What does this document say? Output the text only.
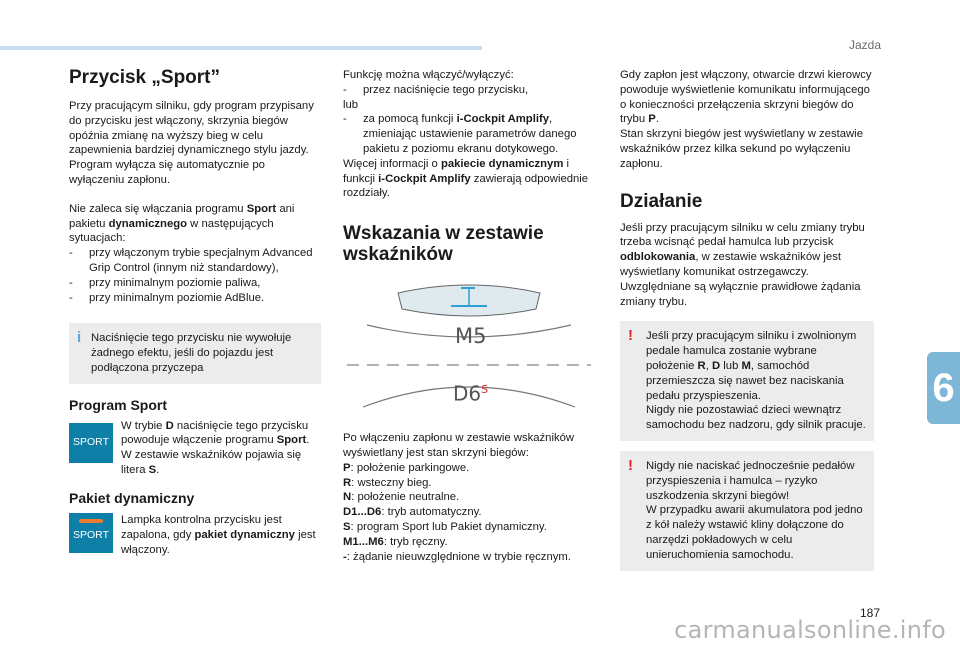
Jazda
6
187
carmanualsonline.info
Przycisk „Sport”

Przy pracującym silniku, gdy program przypisany do przycisku jest włączony, skrzynia biegów opóźnia zmianę na wyższy bieg w celu zapewnienia bardziej dynamicznego stylu jazdy. Program wyłącza się automatycznie po wyłączeniu zapłonu.

Nie zaleca się włączania programu Sport ani pakietu dynamicznego w następujących sytuacjach:

- przy włączonym trybie specjalnym Advanced Grip Control (innym niż standardowy),
- przy minimalnym poziomie paliwa,
- przy minimalnym poziomie AdBlue.
i Naciśnięcie tego przycisku nie wywołuje żadnego efektu, jeśli do pojazdu jest podłączona przyczepa

Program Sport
SPORT

W trybie D naciśnięcie tego przycisku powoduje włączenie programu Sport. W zestawie wskaźników pojawia się litera S.

Pakiet dynamiczny
SPORT

Lampka kontrolna przycisku jest zapalona, gdy pakiet dynamiczny jest włączony.

Funkcję można włączyć/wyłączyć:

- przez naciśnięcie tego przycisku,

lub

- za pomocą funkcji i-Cockpit Amplify, zmieniając ustawienie parametrów danego pakietu z poziomu ekranu dotykowego.

Więcej informacji o pakiecie dynamicznym i funkcji i-Cockpit Amplify zawierają odpowiednie rozdziały.

Wskazania w zestawie
wskaźników
M5
$D6^S$

Po włączeniu zapłonu w zestawie wskaźników wyświetlany jest stan skrzyni biegów:

P: położenie parkingowe.

R: wsteczny bieg.

N: położenie neutralne.

D1...D6: tryb automatyczny.

S: program Sport lub Pakiet dynamiczny.

M1...M6: tryb ręczny.

-: żądanie nieuwzględnione w trybie ręcznym.

Gdy zapłon jest włączony, otwarcie drzwi kierowcy powoduje wyświetlenie komunikatu informującego o konieczności przełączenia skrzyni biegów do trybu P.

Stan skrzyni biegów jest wyświetlany w zestawie wskaźników przez kilka sekund po wyłączeniu zapłonu.

Działanie

Jeśli przy pracującym silniku w celu zmiany trybu trzeba wcisnąć pedał hamulca lub przycisk odblokowania, w zestawie wskaźników jest wyświetlany komunikat ostrzegawczy.

Uwzględniane są wyłącznie prawidłowe żądania zmiany trybu.

! Jeśli przy pracującym silniku i zwolnionym pedale hamulca zostanie wybrane położenie R, D lub M, samochód przemieszcza się nawet bez naciskania pedału przyspieszenia.

Nigdy nie pozostawiać dzieci wewnątrz samochodu bez nadzoru, gdy silnik pracuje.

! Nigdy nie naciskać jednocześnie pedałów przyspieszenia i hamulca – ryzyko uszkodzenia skrzyni biegów!

W przypadku awarii akumulatora pod jedno z kół należy wstawić kliny dołączone do narzędzi pokładowych w celu unieruchomienia samochodu.
